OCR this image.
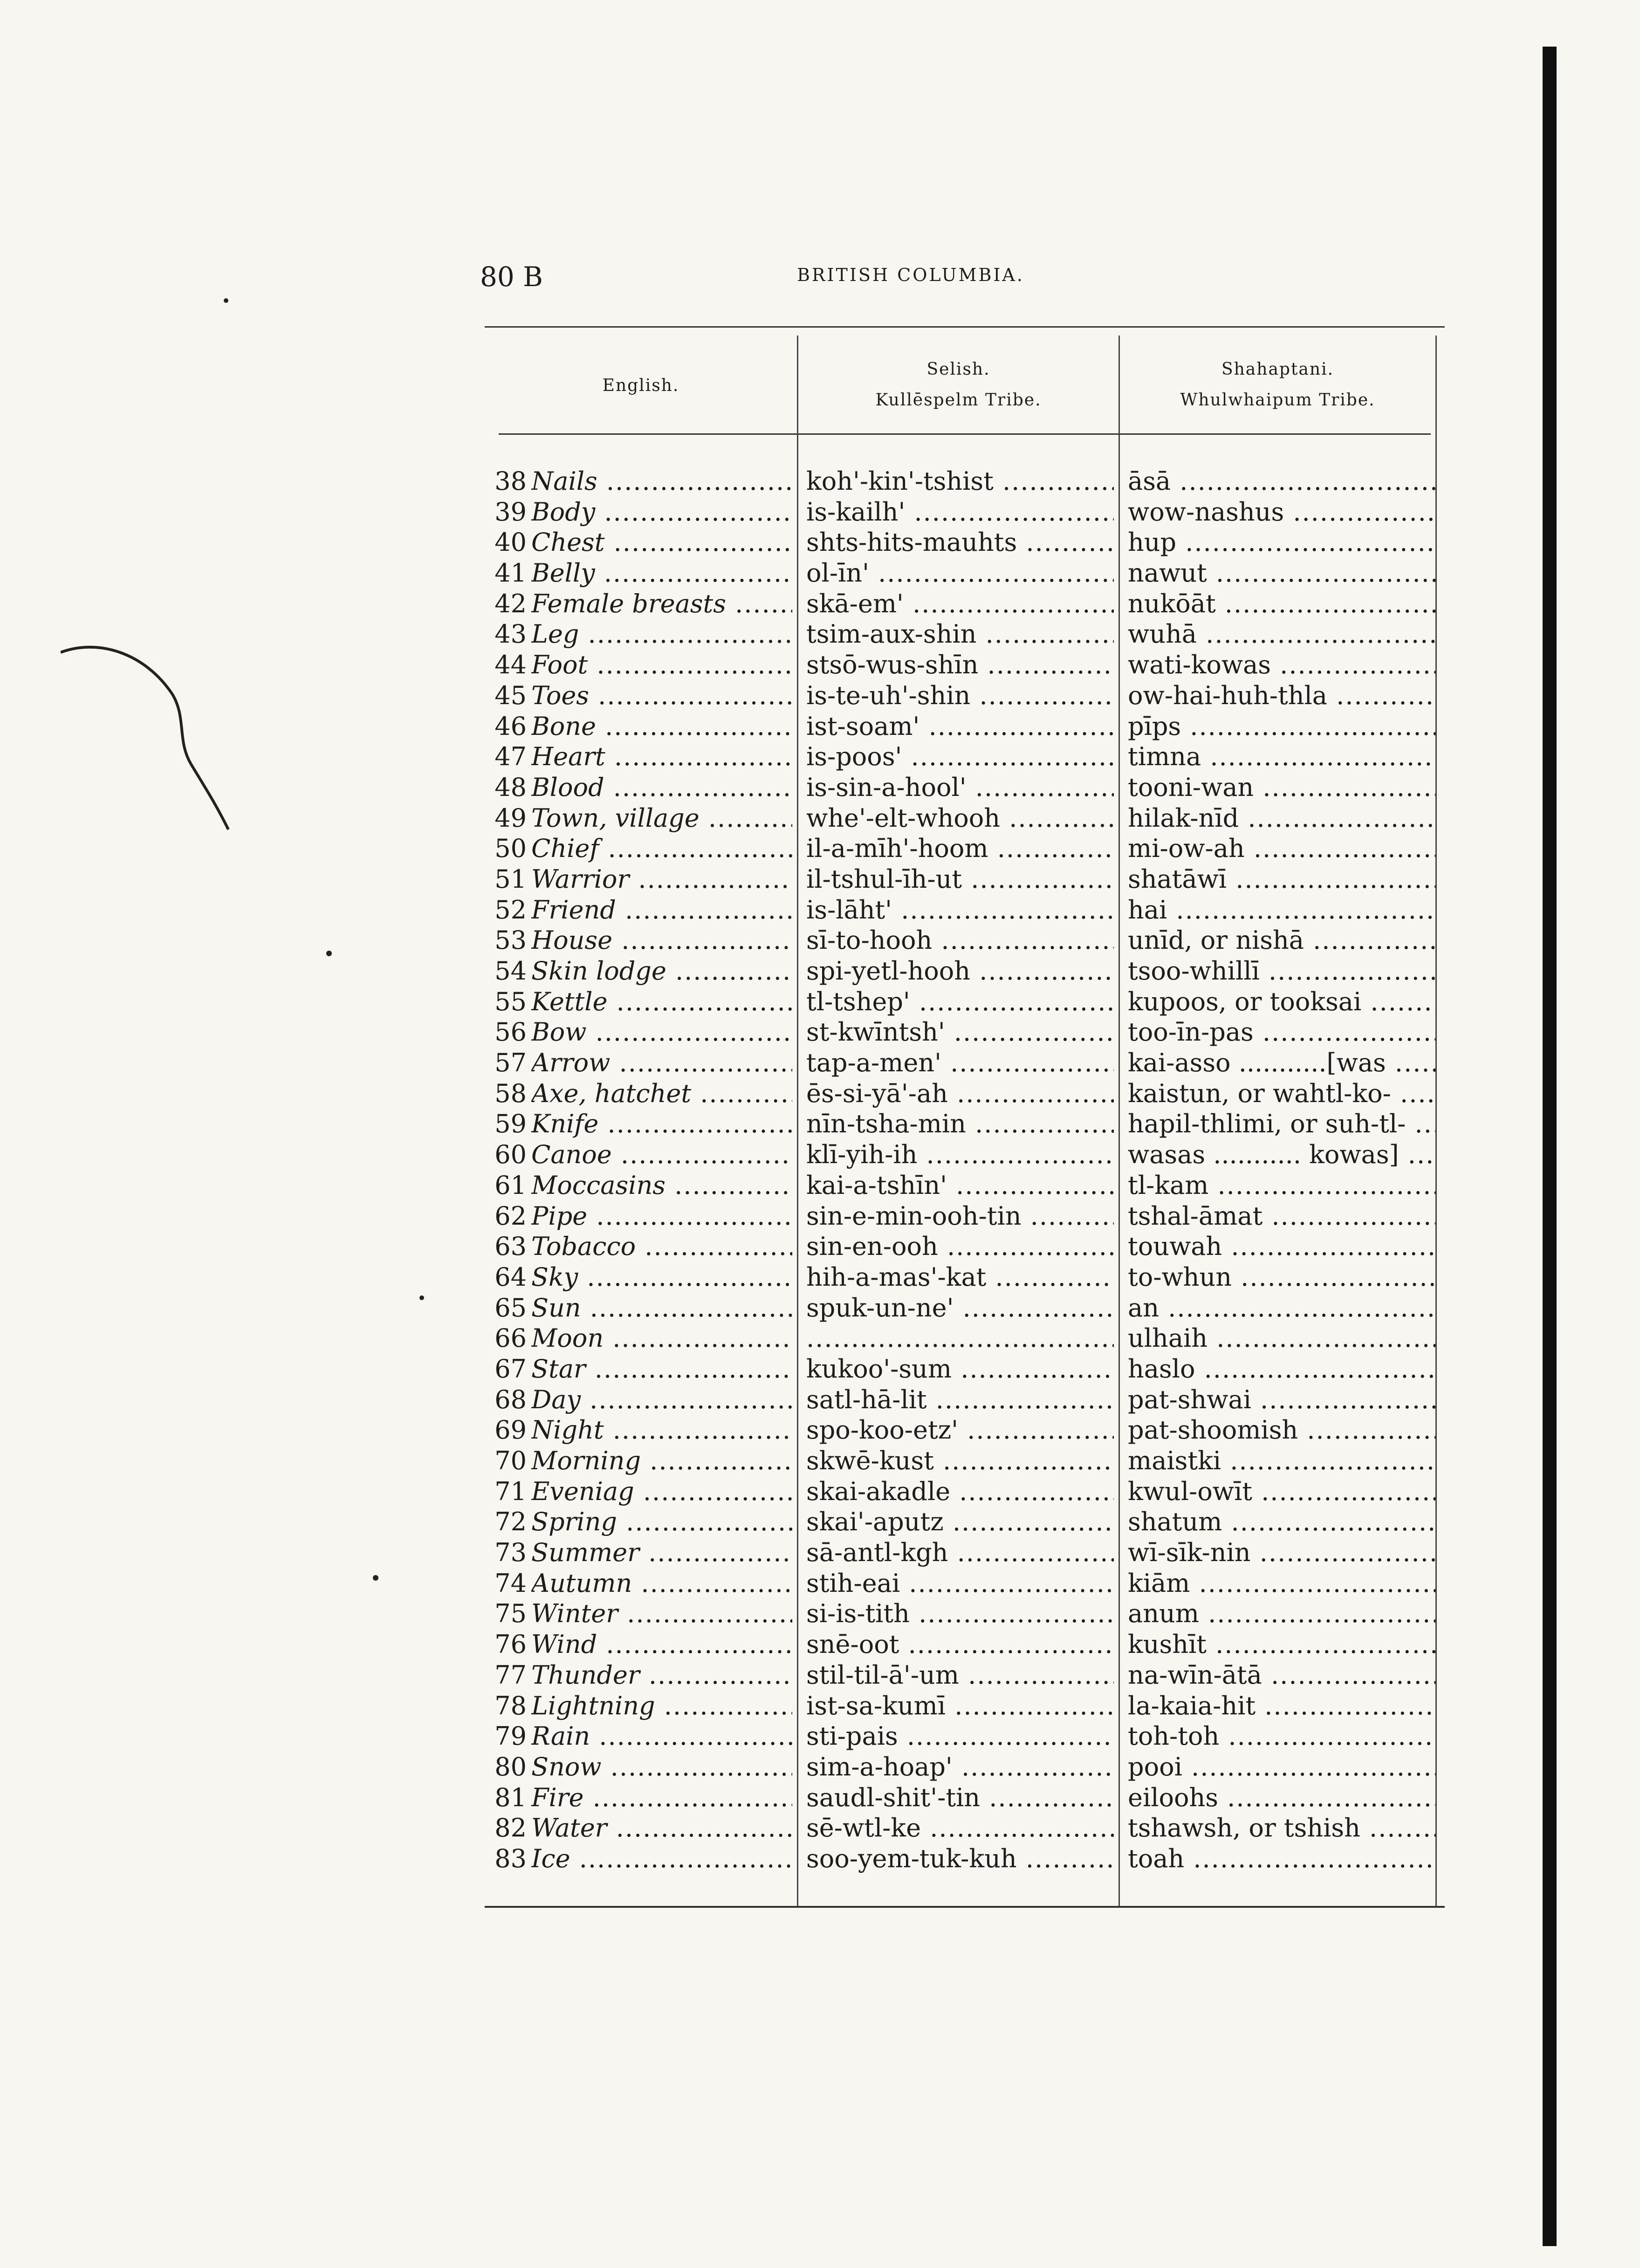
80 B	BRITISH COLUMBIA.
English.
Selish.
Kullēspelm Tribe.
Shahaptani.
Whulwhaipum Tribe.
38 Nails .....	koh'-kin'-tshist .....	āsā .....
39 Body .....	is-kailh' .....	wow-nashus .....
40 Chest .....	shts-hits-mauhts .....	hup .....
41 Belly .....	ol-īn' .....	nawut .....
42 Female breasts .....	skā-em' .....	nukōāt .....
43 Leg .....	tsim-aux-shin .....	wuhā .....
44 Foot .....	stsō-wus-shīn .....	wati-kowas .....
45 Toes .....	is-te-uh'-shin .....	ow-hai-huh-thla .....
46 Bone .....	ist-soam' .....	pīps .....
47 Heart .....	is-poos' .....	timna .....
48 Blood .....	is-sin-a-hool' .....	tooni-wan .....
49 Town, village .....	whe'-elt-whooh .....	hilak-nīd .....
50 Chief .....	il-a-mīh'-hoom .....	mi-ow-ah .....
51 Warrior .....	il-tshul-īh-ut .....	shatāwī .....
52 Friend .....	is-lāht' .....	hai .....
53 House .....	sī-to-hooh .....	unīd, or nishā .....
54 Skin lodge .....	spi-yetl-hooh .....	tsoo-whillī .....
55 Kettle .....	tl-tshep' .....	kupoos, or tooksai .....
56 Bow .....	st-kwīntsh' .....	too-īn-pas .....
57 Arrow .....	tap-a-men' .....	kai-asso ...........[was .....
58 Axe, hatchet .....	ēs-si-yā'-ah .....	kaistun, or wahtl-ko- .....
59 Knife .....	nīn-tsha-min .....	hapil-thlimi, or suh-tl- .....
60 Canoe .....	klī-yih-ih .....	wasas ........... kowas] .....
61 Moccasins .....	kai-a-tshīn' .....	tl-kam .....
62 Pipe .....	sin-e-min-ooh-tin .....	tshal-āmat .....
63 Tobacco .....	sin-en-ooh .....	touwah .....
64 Sky .....	hih-a-mas'-kat .....	to-whun .....
65 Sun .....	spuk-un-ne' .....	an .....
66 Moon .....
.....	ulhaih .....
67 Star .....	kukoo'-sum .....	haslo .....
68 Day .....	satl-hā-lit .....	pat-shwai .....
69 Night .....	spo-koo-etz' .....	pat-shoomish .....
70 Morning .....	skwē-kust .....	maistki .....
71 Eveniag .....	skai-akadle .....	kwul-owīt .....
72 Spring .....	skai'-aputz .....	shatum .....
73 Summer .....	sā-antl-kgh .....	wī-sīk-nin .....
74 Autumn .....	stih-eai .....	kiām .....
75 Winter .....	si-is-tith .....	anum .....
76 Wind .....	snē-oot .....	kushīt .....
77 Thunder .....	stil-til-ā'-um .....	na-wīn-ātā .....
78 Lightning .....	ist-sa-kumī .....	la-kaia-hit .....
79 Rain .....	sti-pais .....	toh-toh .....
80 Snow .....	sim-a-hoap' .....	pooi .....
81 Fire .....	saudl-shit'-tin .....	eiloohs .....
82 Water .....	sē-wtl-ke .....	tshawsh, or tshish .....
83 Ice .....	soo-yem-tuk-kuh .....	toah .....
